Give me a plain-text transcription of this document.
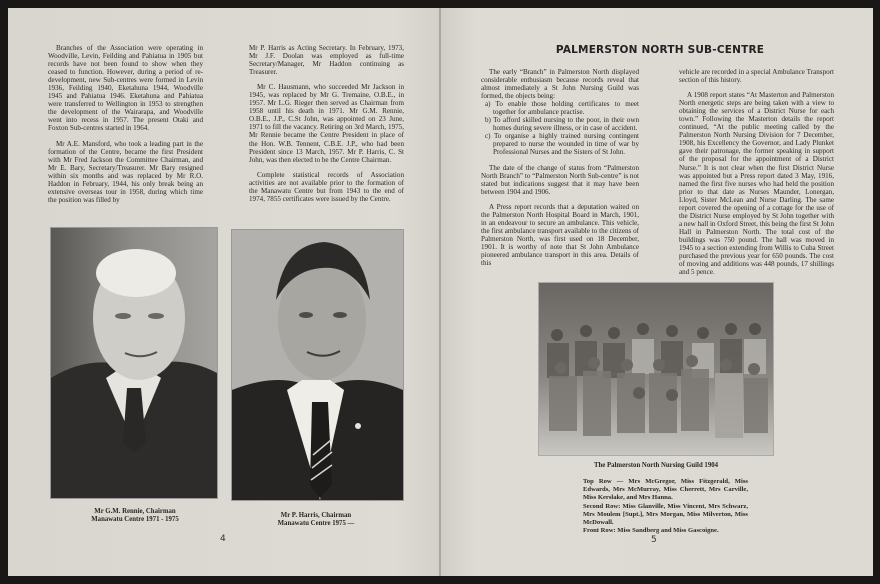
Branches of the Association were operating in Woodville, Levin, Feilding and Pahiatua in 1905 but records have not been found to show when they ceased to function. However, during a period of re-development, new Sub-centres were formed in Levin 1936, Feilding 1940, Eketahuna 1944, Woodville 1945 and Pahiatua 1946. Eketahuna and Pahiatua were transferred to Wellington in 1953 to strengthen the development of the Wairarapa, and Woodville went into recess in 1957. The present Otaki and Foxton Sub-centres started in 1964.

Mr A.E. Mansford, who took a leading part in the formation of the Centre, became the first President with Mr Fred Jackson the Committee Chairman, and Mr E. Bary, Secretary/Treasurer. Mr Bary resigned within six months and was replaced by Mr R.O. Haddon in February, 1944, his only break being an extensive overseas tour in 1958, during which time the position was filled by

Mr P. Harris as Acting Secretary. In February, 1973, Mr J.F. Doolan was employed as full-time Secretary/Manager, Mr Haddon continuing as Treasurer.

Mr C. Hausmann, who succeeded Mr Jackson in 1945, was replaced by Mr G. Tremaine, O.B.E., in 1957. Mr L.G. Rieger then served as Chairman from 1958 until his death in 1971. Mr G.M. Rennie, O.B.E., J.P., C.St John, was appointed on 23 June, 1971 to fill the vacancy. Retiring on 3rd March, 1975, Mr Rennie became the Centre President in place of the Hon. W.B. Tennent, C.B.E. J.P., who had been President since 13 March, 1957. Mr P. Harris, C. St John, was then elected to be the Centre Chairman.

Complete statistical records of Association activities are not available prior to the formation of the Manawatu Centre but from 1943 to the end of 1974, 7855 certificates were issued by the Centre.

Mr G.M. Rennie, Chairman
Manawatu Centre 1971 - 1975
Mr P. Harris, Chairman
Manawatu Centre 1975 —
4
PALMERSTON NORTH SUB-CENTRE

The early “Branch” in Palmerston North displayed considerable enthusiasm because records reveal that almost immediately a St John Nursing Guild was formed, the objects being:

a) To enable those holding certificates to meet together for ambulance practise.
b) To afford skilled nursing to the poor, in their own homes during severe illness, or in case of accident.
c) To organise a highly trained nursing contingent prepared to nurse the wounded in time of war by Professional Nurses and the Sisters of St John.

The date of the change of status from “Palmerston North Branch” to “Palmerston North Sub-centre” is not stated but indications suggest that it may have been between 1904 and 1906.

A Press report records that a deputation waited on the Palmerston North Hospital Board in March, 1901, in an endeavour to secure an ambulance. This vehicle, the first ambulance transport available to the citizens of Palmerston North, was first used on 18 December, 1901. It is worthy of note that St John Ambulance pioneered ambulance transport in this area. Details of this

vehicle are recorded in a special Ambulance Transport section of this history.

A 1908 report states “At Masterton and Palmerston North energetic steps are being taken with a view to obtaining the services of a District Nurse for each town.” Following the Masterton details the report continued, “At the public meeting called by the Palmerston North Nursing Division for 7 December, 1908, his Excellency the Governor, and Lady Plunket gave their patronage, the former speaking in support of the proposal for the appointment of a District Nurse.” It is not clear when the first District Nurse was appointed but a Press report dated 3 May, 1916, named the first five nurses who had held the position prior to that date as Nurses Maunder, Lonergan, Lloyd, Sister McLean and Nurse Darling. The same report covered the opening of a cottage for the use of the District Nurse employed by St John together with a new hall in Oxford Street, this being the first St John Hall in Palmerston North. The total cost of the buildings was 750 pound. The hall was moved in 1945 to a section extending from Willis to Cuba Street purchased the previous year for 650 pounds. The cost of moving and additions was 448 pounds, 17 shillings and 5 pence.

The Palmerston North Nursing Guild 1904
Top Row — Mrs McGregor, Miss Fitzgerald, Miss Edwards, Mrs McMurray, Miss Cherrett, Mrs Carville, Miss Kerslake, and Mrs Hanna.
Second Row: Miss Glanville, Miss Vincent, Mrs Schwarz, Mrs Moulem [Supt.], Mrs Morgan, Miss Milverton, Miss McDowall.
Front Row: Miss Sandberg and Miss Gascoigne.
5
